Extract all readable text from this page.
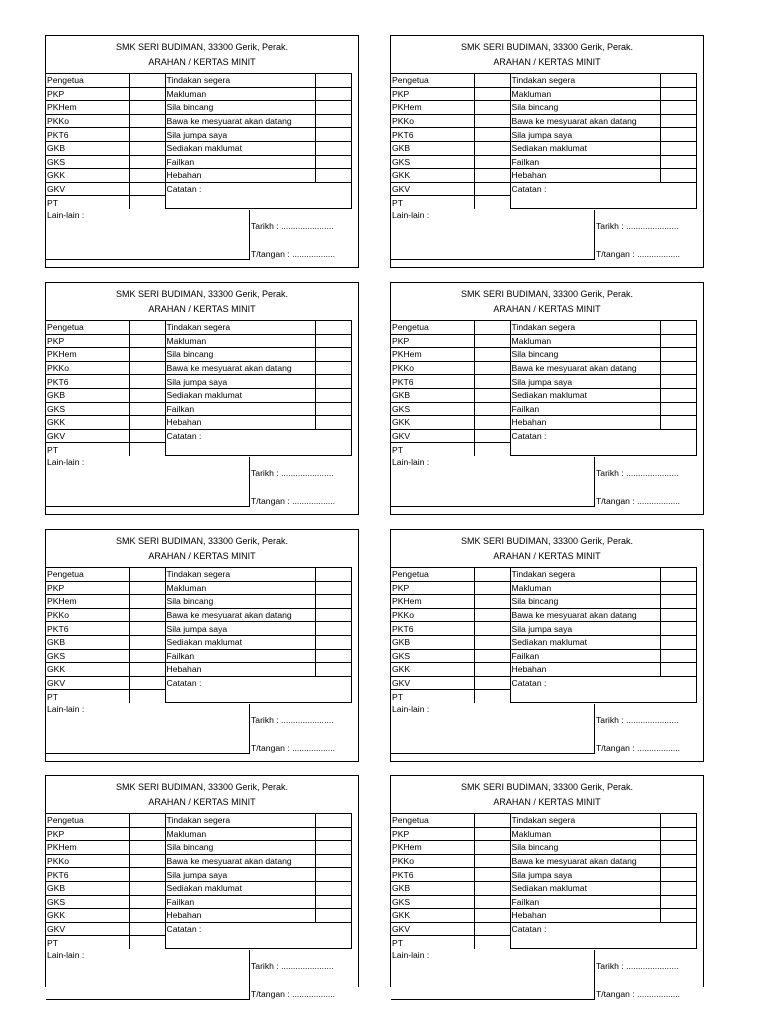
SMK SERI BUDIMAN, 33300 Gerik, Perak.
ARAHAN / KERTAS MINIT
Pengetua		Tindakan segera	
PKP		Makluman	
PKHem		Sila bincang	
PKKo		Bawa ke mesyuarat akan datang	
PKT6		Sila jumpa saya	
GKB		Sediakan maklumat	
GKS		Failkan	
GKK		Hebahan	
GKV		Catatan :	
PT			
Lain-lain :
Tarikh : ......................
T/tangan : ..................
SMK SERI BUDIMAN, 33300 Gerik, Perak.
ARAHAN / KERTAS MINIT
Pengetua		Tindakan segera	
PKP		Makluman	
PKHem		Sila bincang	
PKKo		Bawa ke mesyuarat akan datang	
PKT6		Sila jumpa saya	
GKB		Sediakan maklumat	
GKS		Failkan	
GKK		Hebahan	
GKV		Catatan :	
PT			
Lain-lain :
Tarikh : ......................
T/tangan : ..................
SMK SERI BUDIMAN, 33300 Gerik, Perak.
ARAHAN / KERTAS MINIT
Pengetua		Tindakan segera	
PKP		Makluman	
PKHem		Sila bincang	
PKKo		Bawa ke mesyuarat akan datang	
PKT6		Sila jumpa saya	
GKB		Sediakan maklumat	
GKS		Failkan	
GKK		Hebahan	
GKV		Catatan :	
PT			
Lain-lain :
Tarikh : ......................
T/tangan : ..................
SMK SERI BUDIMAN, 33300 Gerik, Perak.
ARAHAN / KERTAS MINIT
Pengetua		Tindakan segera	
PKP		Makluman	
PKHem		Sila bincang	
PKKo		Bawa ke mesyuarat akan datang	
PKT6		Sila jumpa saya	
GKB		Sediakan maklumat	
GKS		Failkan	
GKK		Hebahan	
GKV		Catatan :	
PT			
Lain-lain :
Tarikh : ......................
T/tangan : ..................
SMK SERI BUDIMAN, 33300 Gerik, Perak.
ARAHAN / KERTAS MINIT
Pengetua		Tindakan segera	
PKP		Makluman	
PKHem		Sila bincang	
PKKo		Bawa ke mesyuarat akan datang	
PKT6		Sila jumpa saya	
GKB		Sediakan maklumat	
GKS		Failkan	
GKK		Hebahan	
GKV		Catatan :	
PT			
Lain-lain :
Tarikh : ......................
T/tangan : ..................
SMK SERI BUDIMAN, 33300 Gerik, Perak.
ARAHAN / KERTAS MINIT
Pengetua		Tindakan segera	
PKP		Makluman	
PKHem		Sila bincang	
PKKo		Bawa ke mesyuarat akan datang	
PKT6		Sila jumpa saya	
GKB		Sediakan maklumat	
GKS		Failkan	
GKK		Hebahan	
GKV		Catatan :	
PT			
Lain-lain :
Tarikh : ......................
T/tangan : ..................
SMK SERI BUDIMAN, 33300 Gerik, Perak.
ARAHAN / KERTAS MINIT
Pengetua		Tindakan segera	
PKP		Makluman	
PKHem		Sila bincang	
PKKo		Bawa ke mesyuarat akan datang	
PKT6		Sila jumpa saya	
GKB		Sediakan maklumat	
GKS		Failkan	
GKK		Hebahan	
GKV		Catatan :	
PT			
Lain-lain :
Tarikh : ......................
T/tangan : ..................
SMK SERI BUDIMAN, 33300 Gerik, Perak.
ARAHAN / KERTAS MINIT
Pengetua		Tindakan segera	
PKP		Makluman	
PKHem		Sila bincang	
PKKo		Bawa ke mesyuarat akan datang	
PKT6		Sila jumpa saya	
GKB		Sediakan maklumat	
GKS		Failkan	
GKK		Hebahan	
GKV		Catatan :	
PT			
Lain-lain :
Tarikh : ......................
T/tangan : ..................
